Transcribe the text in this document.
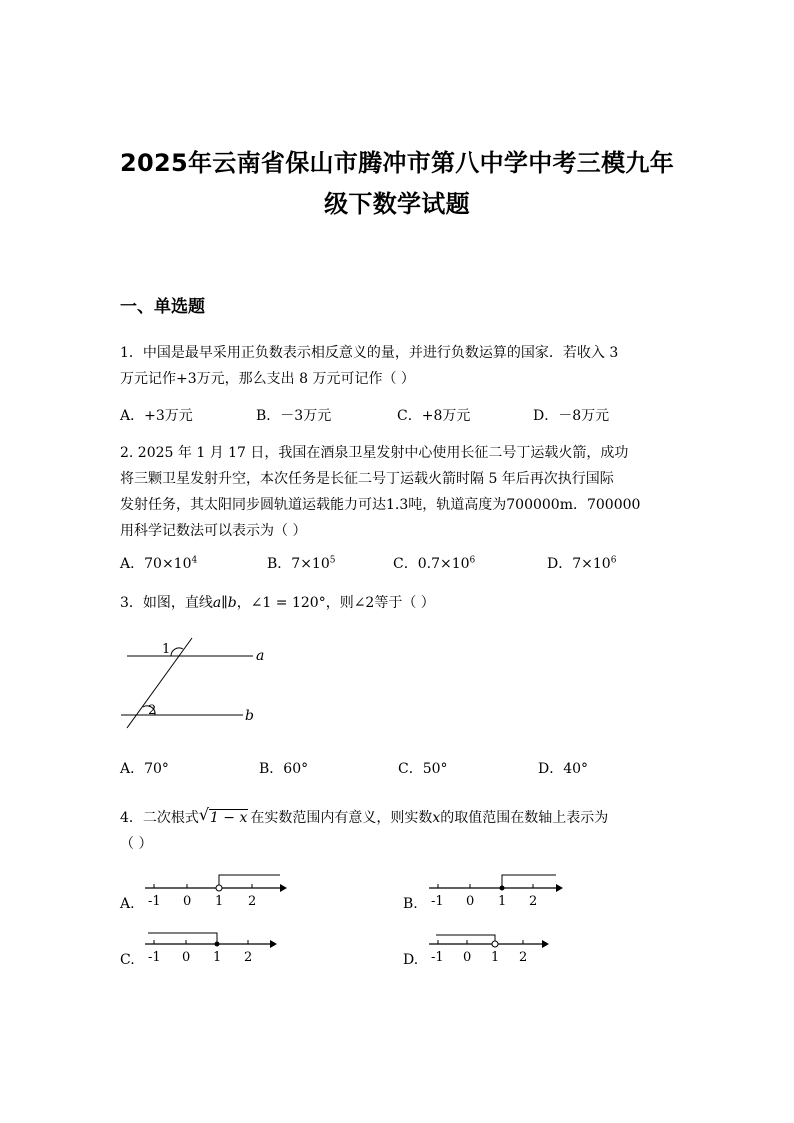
2025年云南省保山市腾冲市第八中学中考三模九年
级下数学试题
一、单选题
1．中国是最早采用正负数表示相反意义的量，并进行负数运算的国家．若收入 3
万元记作+3万元，那么支出 8 万元可记作（ ）
A．+3万元	B．－3万元	C．+8万元	D．－8万元
2. 2025 年 1 月 17 日，我国在酒泉卫星发射中心使用长征二号丁运载火箭，成功
将三颗卫星发射升空，本次任务是长征二号丁运载火箭时隔 5 年后再次执行国际
发射任务，其太阳同步圆轨道运载能力可达1.3吨，轨道高度为700000m．700000
用科学记数法可以表示为（ ）
A．$70\times 10^4$	B．$7\times 10^5$	C．$0.7\times 10^6$	D．$7\times 10^6$
3．如图，直线a∥b，∠1 = 120°，则∠2等于（ ）
1
2
a
b
A．70°	B．60°	C．50°	D．40°
4．二次根式 √ 1 − x 在实数范围内有意义，则实数x的取值范围在数轴上表示为
（ ）
A. -1 0 1 2	B. -1 0 1 2
C. -1 0 1 2	D. -1 0 1 2
